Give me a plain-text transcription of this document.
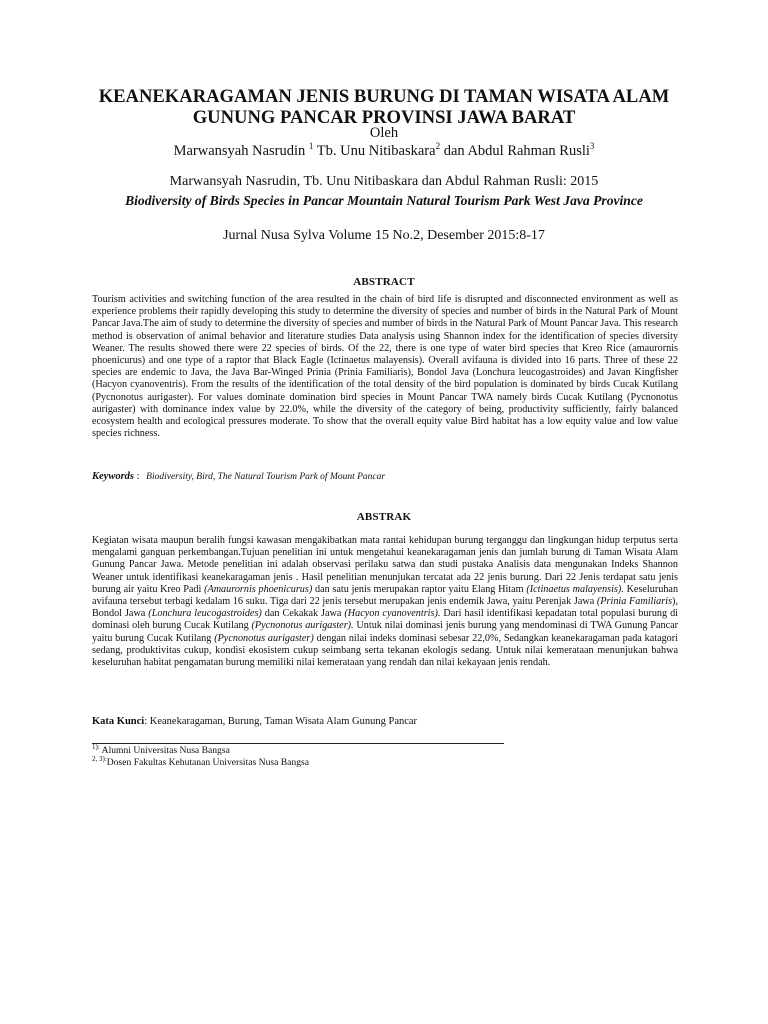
KEANEKARAGAMAN JENIS BURUNG DI TAMAN WISATA ALAM GUNUNG PANCAR PROVINSI JAWA BARAT
Oleh
Marwansyah Nasrudin $^1$ Tb. Unu Nitibaskara$^2$ dan Abdul Rahman Rusli$^3$
Marwansyah Nasrudin, Tb. Unu Nitibaskara dan Abdul Rahman Rusli: 2015
Biodiversity of Birds Species in Pancar Mountain Natural Tourism Park West Java Province
Jurnal Nusa Sylva Volume 15 No.2, Desember 2015:8-17
ABSTRACT

Tourism activities and switching function of the area resulted in the chain of bird life is disrupted and disconnected environment as well as experience problems their rapidly developing this study to determine the diversity of species and number of birds in the Natural Park of Mount Pancar Java.The aim of study to determine the diversity of species and number of birds in the Natural Park of Mount Pancar Java. This research method is observation of animal behavior and literature studies Data analysis using Shannon index for the identification of species diversity Weaner. The results showed there were 22 species of birds. Of the 22, there is one type of water bird species that Kreo Rice (amaurornis phoenicurus) and one type of a raptor that Black Eagle (Ictinaetus malayensis). Overall avifauna is divided into 16 parts. Three of these 22 species are endemic to Java, the Java Bar-Winged Prinia (Prinia Familiaris), Bondol Java (Lonchura leucogastroides) and Javan Kingfisher (Hacyon cyanoventris). From the results of the identification of the total density of the bird population is dominated by birds Cucak Kutilang (Pycnonotus aurigaster). For values dominate domination bird species in Mount Pancar TWA namely birds Cucak Kutilang (Pycnonotus aurigaster) with dominance index value by 22.0%, while the diversity of the category of being, productivity sufficiently, fairly balanced ecosystem health and ecological pressures moderate. To show that the overall equity value Bird habitat has a low equity value and low value species richness.

Keywords : Biodiversity, Bird, The Natural Tourism Park of Mount Pancar
ABSTRAK

Kegiatan wisata maupun beralih fungsi kawasan mengakibatkan mata rantai kehidupan burung terganggu dan lingkungan hidup terputus serta mengalami ganguan perkembangan.Tujuan penelitian ini untuk mengetahui keanekaragaman jenis dan jumlah burung di Taman Wisata Alam Gunung Pancar Jawa. Metode penelitian ini adalah observasi perilaku satwa dan studi pustaka Analisis data mengunakan Indeks Shannon Weaner untuk identifikasi keanekaragaman jenis . Hasil penelitian menunjukan tercatat ada 22 jenis burung. Dari 22 Jenis terdapat satu jenis burung air yaitu Kreo Padi (Amaurornis phoenicurus) dan satu jenis merupakan raptor yaitu Elang Hitam (Ictinaetus malayensis). Keseluruhan avifauna tersebut terbagi kedalam 16 suku. Tiga dari 22 jenis tersebut merupakan jenis endemik Jawa, yaitu Perenjak Jawa (Prinia Familiaris), Bondol Jawa (Lonchura leucogastroides) dan Cekakak Jawa (Hacyon cyanoventris). Dari hasil identifikasi kepadatan total populasi burung di dominasi oleh burung Cucak Kutilang (Pycnonotus aurigaster). Untuk nilai dominasi jenis burung yang mendominasi di TWA Gunung Pancar yaitu burung Cucak Kutilang (Pycnonotus aurigaster) dengan nilai indeks dominasi sebesar 22,0%, Sedangkan keanekaragaman pada katagori sedang, produktivitas cukup, kondisi ekosistem cukup seimbang serta tekanan ekologis sedang. Untuk nilai kemerataan menunjukan bahwa keseluruhan habitat pengamatan burung memiliki nilai kemerataan yang rendah dan nilai kekayaan jenis rendah.

Kata Kunci: Keanekaragaman, Burung, Taman Wisata Alam Gunung Pancar
$^{1):}$ Alumni Universitas Nusa Bangsa
$^{2, 3):}$Dosen Fakultas Kehutanan Universitas Nusa Bangsa
